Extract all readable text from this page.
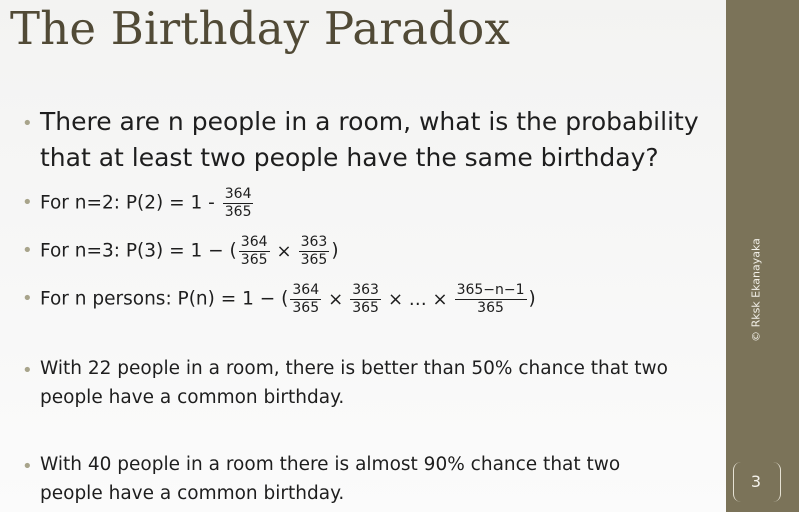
The Birthday Paradox
• There are n people in a room, what is the probability
that at least two people have the same birthday?
• For n=2: $P(2) = 1 - \frac{364}{365}$
• For n=3: P(3) = 1 − ( $\frac{364}{365} \times \frac{363}{365}$ )
• For n persons: P(n) = 1 − ( $\frac{364}{365} \times \frac{363}{365}$ × … × $\frac{365-n-1}{365}$ )
• With 22 people in a room, there is better than 50% chance that two
people have a common birthday.
• With 40 people in a room there is almost 90% chance that two
people have a common birthday.
© Rksk Ekanayaka
3
